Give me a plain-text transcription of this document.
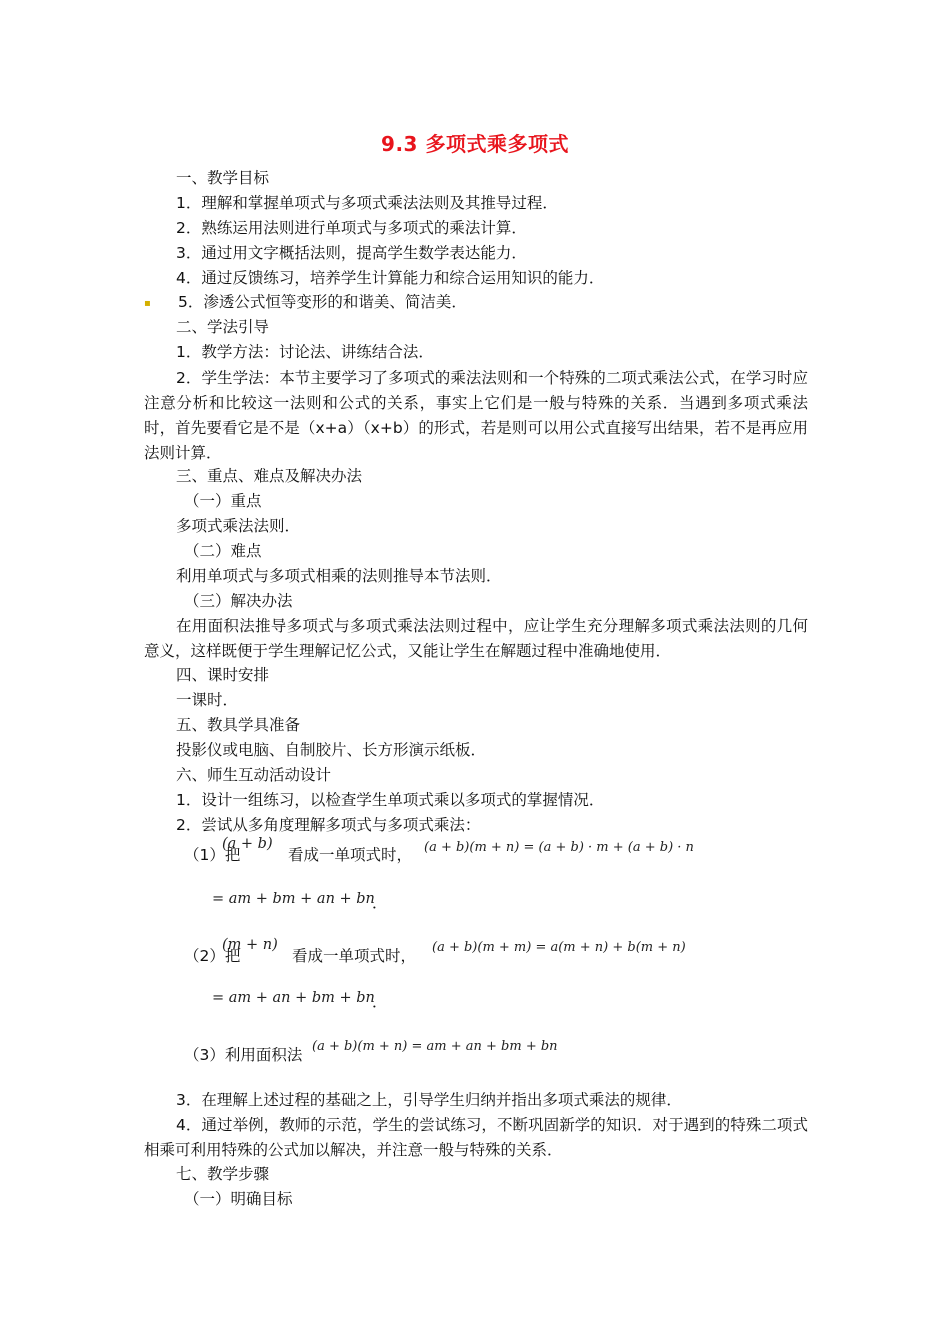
9.3 多项式乘多项式
一、教学目标
1．理解和掌握单项式与多项式乘法法则及其推导过程．
2．熟练运用法则进行单项式与多项式的乘法计算．
3．通过用文字概括法则，提高学生数学表达能力．
4．通过反馈练习，培养学生计算能力和综合运用知识的能力．
▪ 5．渗透公式恒等变形的和谐美、简洁美．
二、学法引导
1．教学方法：讨论法、讲练结合法．
2．学生学法：本节主要学习了多项式的乘法法则和一个特殊的二项式乘法公式，在学习时应注意分析和比较这一法则和公式的关系，事实上它们是一般与特殊的关系．当遇到多项式乘法时，首先要看它是不是（x+a）（x+b）的形式，若是则可以用公式直接写出结果，若不是再应用法则计算．
三、重点、难点及解决办法
（一）重点
多项式乘法法则．
（二）难点
利用单项式与多项式相乘的法则推导本节法则．
（三）解决办法
在用面积法推导多项式与多项式乘法法则过程中，应让学生充分理解多项式乘法法则的几何意义，这样既便于学生理解记忆公式，又能让学生在解题过程中准确地使用．
四、课时安排
一课时．
五、教具学具准备
投影仪或电脑、自制胶片、长方形演示纸板．
六、师生互动活动设计
1．设计一组练习，以检查学生单项式乘以多项式的掌握情况．
2．尝试从多角度理解多项式与多项式乘法：
（1）把
(a + b)
看成一单项式时， (a + b)(m + n) = (a + b) · m + (a + b) · n
= am + bm + an + bn
．
（2）把
(m + n)
看成一单项式时， (a + b)(m + m) = a(m + n) + b(m + n)
= am + an + bm + bn
．
（3）利用面积法 (a + b)(m + n) = am + an + bm + bn
3．在理解上述过程的基础之上，引导学生归纳并指出多项式乘法的规律．
4．通过举例，教师的示范，学生的尝试练习，不断巩固新学的知识．对于遇到的特殊二项式相乘可利用特殊的公式加以解决，并注意一般与特殊的关系．
七、教学步骤
（一）明确目标
